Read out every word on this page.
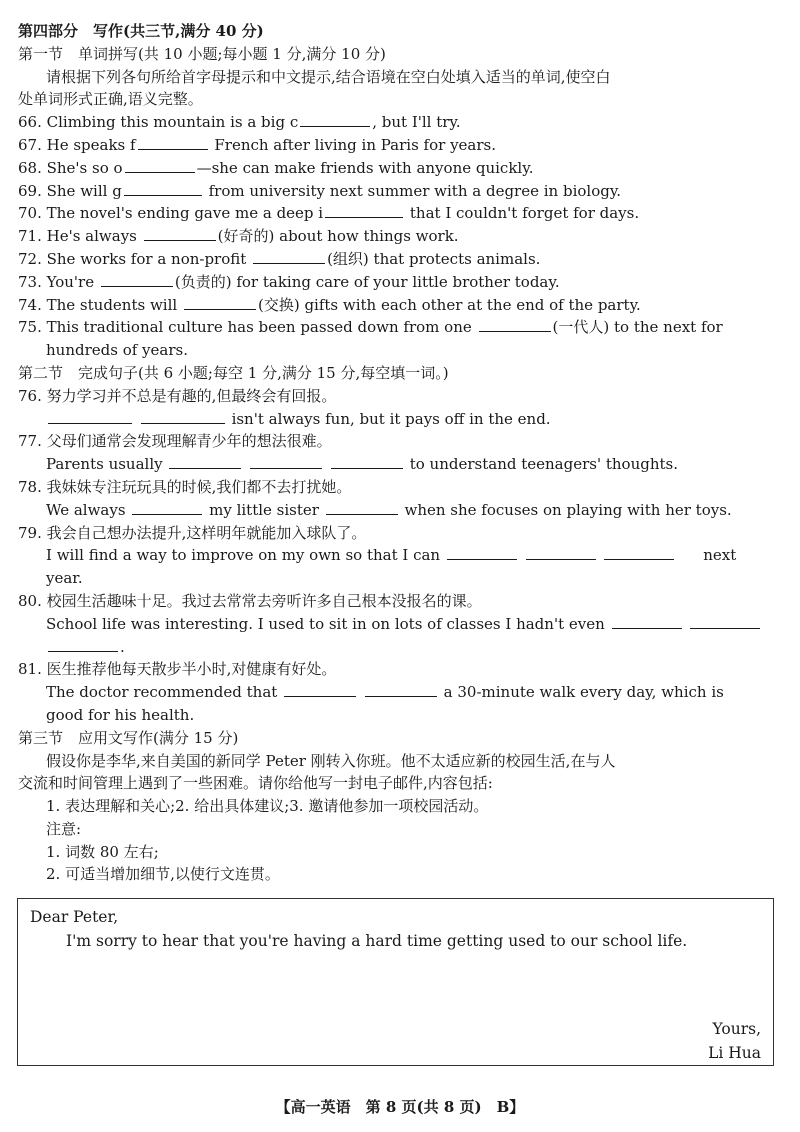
第四部分　写作(共三节,满分 40 分)
第一节　单词拼写(共 10 小题;每小题 1 分,满分 10 分)
请根据下列各句所给首字母提示和中文提示,结合语境在空白处填入适当的单词,使空白
处单词形式正确,语义完整。
66. Climbing this mountain is a big c	, but I'll try.
67. He speaks f	French after living in Paris for years.
68. She's so o	—she can make friends with anyone quickly.
69. She will g	from university next summer with a degree in biology.
70. The novel's ending gave me a deep i	that I couldn't forget for days.
71. He's always	(好奇的) about how things work.
72. She works for a non-profit	(组织) that protects animals.
73. You're	(负责的) for taking care of your little brother today.
74. The students will	(交换) gifts with each other at the end of the party.
75. This traditional culture has been passed down from one	(一代人) to the next for
hundreds of years.
第二节　完成句子(共 6 小题;每空 1 分,满分 15 分,每空填一词。)
76. 努力学习并不总是有趣的,但最终会有回报。
isn't always fun, but it pays off in the end.
77. 父母们通常会发现理解青少年的想法很难。
Parents usually	to understand teenagers' thoughts.
78. 我妹妹专注玩玩具的时候,我们都不去打扰她。
We always	my little sister	when she focuses on playing with her toys.
79. 我会自己想办法提升,这样明年就能加入球队了。
I will find a way to improve on my own so that I can	next
year.
80. 校园生活趣味十足。我过去常常去旁听许多自己根本没报名的课。
School life was interesting. I used to sit in on lots of classes I hadn't even
.
81. 医生推荐他每天散步半小时,对健康有好处。
The doctor recommended that	a 30-minute walk every day, which is
good for his health.
第三节　应用文写作(满分 15 分)
假设你是李华,来自美国的新同学 Peter 刚转入你班。他不太适应新的校园生活,在与人
交流和时间管理上遇到了一些困难。请你给他写一封电子邮件,内容包括:
1. 表达理解和关心;2. 给出具体建议;3. 邀请他参加一项校园活动。
注意:
1. 词数 80 左右;
2. 可适当增加细节,以使行文连贯。
Dear Peter,
I'm sorry to hear that you're having a hard time getting used to our school life.
Yours,
Li Hua
【高一英语　第 8 页(共 8 页)　B】
